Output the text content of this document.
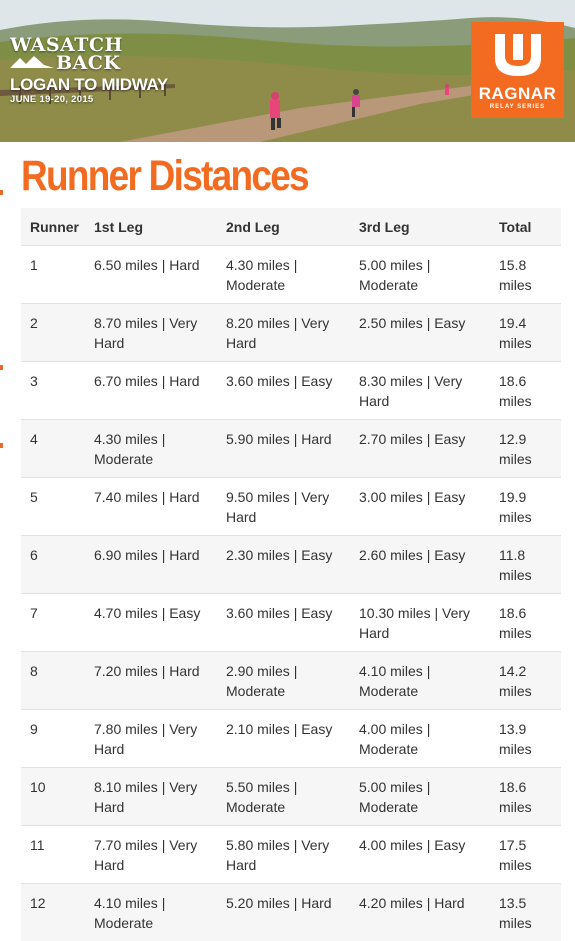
WASATCH
BACK
LOGAN TO MIDWAY
JUNE 19-20, 2015	RAGNAR
RELAY SERIES
Runner Distances
Runner	1st Leg	2nd Leg	3rd Leg	Total
1	6.50 miles | Hard	4.30 miles | Moderate	5.00 miles | Moderate	15.8 miles
2	8.70 miles | Very Hard	8.20 miles | Very Hard	2.50 miles | Easy	19.4 miles
3	6.70 miles | Hard	3.60 miles | Easy	8.30 miles | Very Hard	18.6 miles
4	4.30 miles | Moderate	5.90 miles | Hard	2.70 miles | Easy	12.9 miles
5	7.40 miles | Hard	9.50 miles | Very Hard	3.00 miles | Easy	19.9 miles
6	6.90 miles | Hard	2.30 miles | Easy	2.60 miles | Easy	11.8 miles
7	4.70 miles | Easy	3.60 miles | Easy	10.30 miles | Very Hard	18.6 miles
8	7.20 miles | Hard	2.90 miles | Moderate	4.10 miles | Moderate	14.2 miles
9	7.80 miles | Very Hard	2.10 miles | Easy	4.00 miles | Moderate	13.9 miles
10	8.10 miles | Very Hard	5.50 miles | Moderate	5.00 miles | Moderate	18.6 miles
11	7.70 miles | Very Hard	5.80 miles | Very Hard	4.00 miles | Easy	17.5 miles
12	4.10 miles | Moderate	5.20 miles | Hard	4.20 miles | Hard	13.5 miles
